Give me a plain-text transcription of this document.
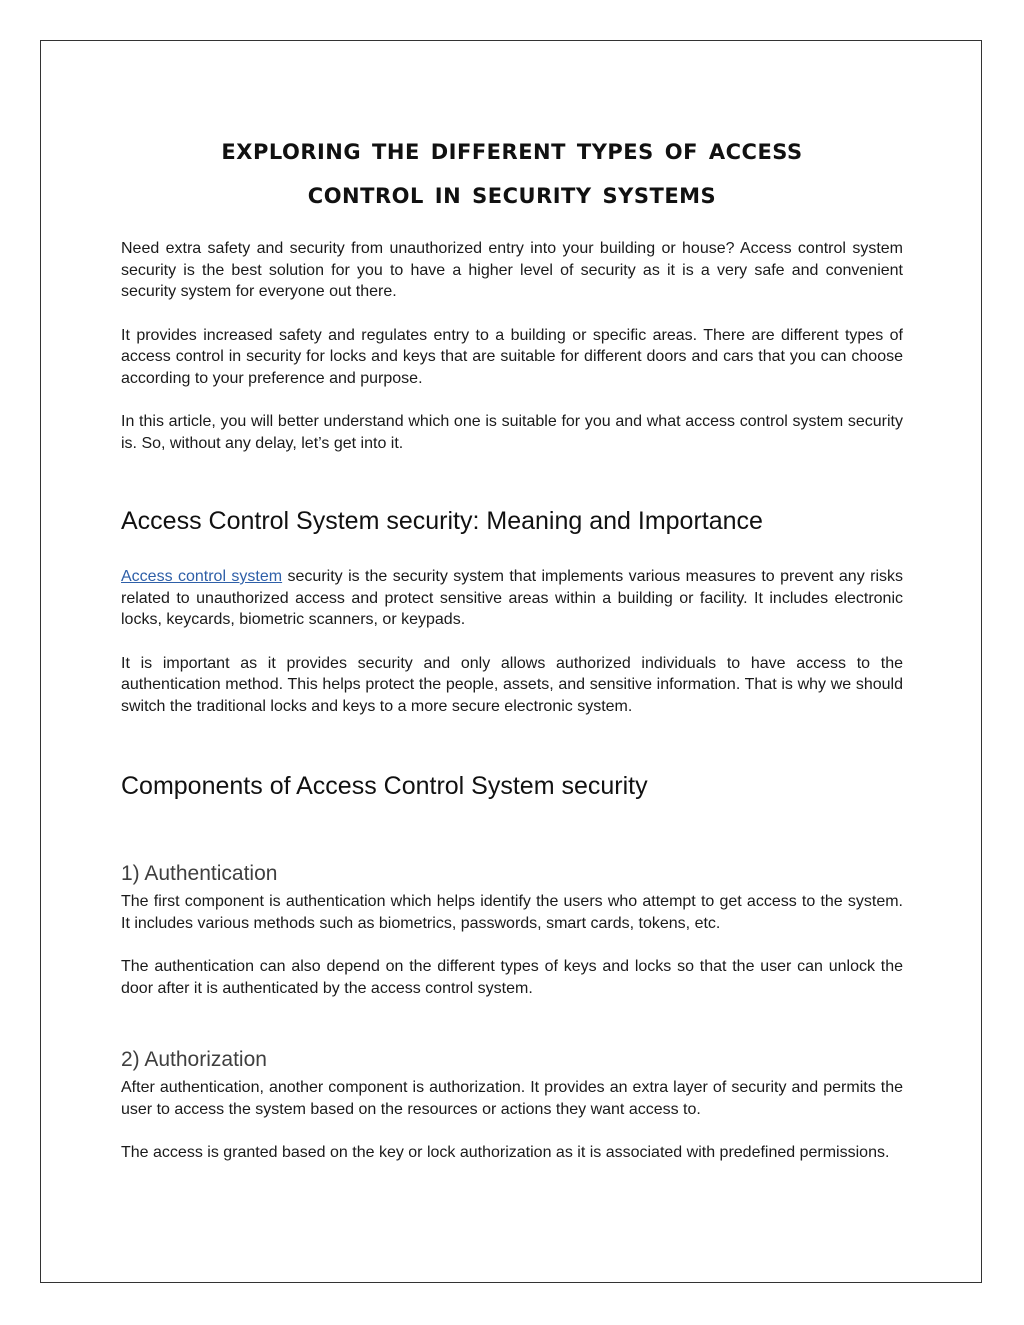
exploring the different types of access
control in security systems

Need extra safety and security from unauthorized entry into your building or house? Access control system security is the best solution for you to have a higher level of security as it is a very safe and convenient security system for everyone out there.

It provides increased safety and regulates entry to a building or specific areas. There are different types of access control in security for locks and keys that are suitable for different doors and cars that you can choose according to your preference and purpose.

In this article, you will better understand which one is suitable for you and what access control system security is. So, without any delay, let’s get into it.

Access Control System security: Meaning and Importance

Access control system security is the security system that implements various measures to prevent any risks related to unauthorized access and protect sensitive areas within a building or facility. It includes electronic locks, keycards, biometric scanners, or keypads.

It is important as it provides security and only allows authorized individuals to have access to the authentication method. This helps protect the people, assets, and sensitive information. That is why we should switch the traditional locks and keys to a more secure electronic system.

Components of Access Control System security
1) Authentication

The first component is authentication which helps identify the users who attempt to get access to the system. It includes various methods such as biometrics, passwords, smart cards, tokens, etc.

The authentication can also depend on the different types of keys and locks so that the user can unlock the door after it is authenticated by the access control system.

2) Authorization

After authentication, another component is authorization. It provides an extra layer of security and permits the user to access the system based on the resources or actions they want access to.

The access is granted based on the key or lock authorization as it is associated with predefined permissions.
